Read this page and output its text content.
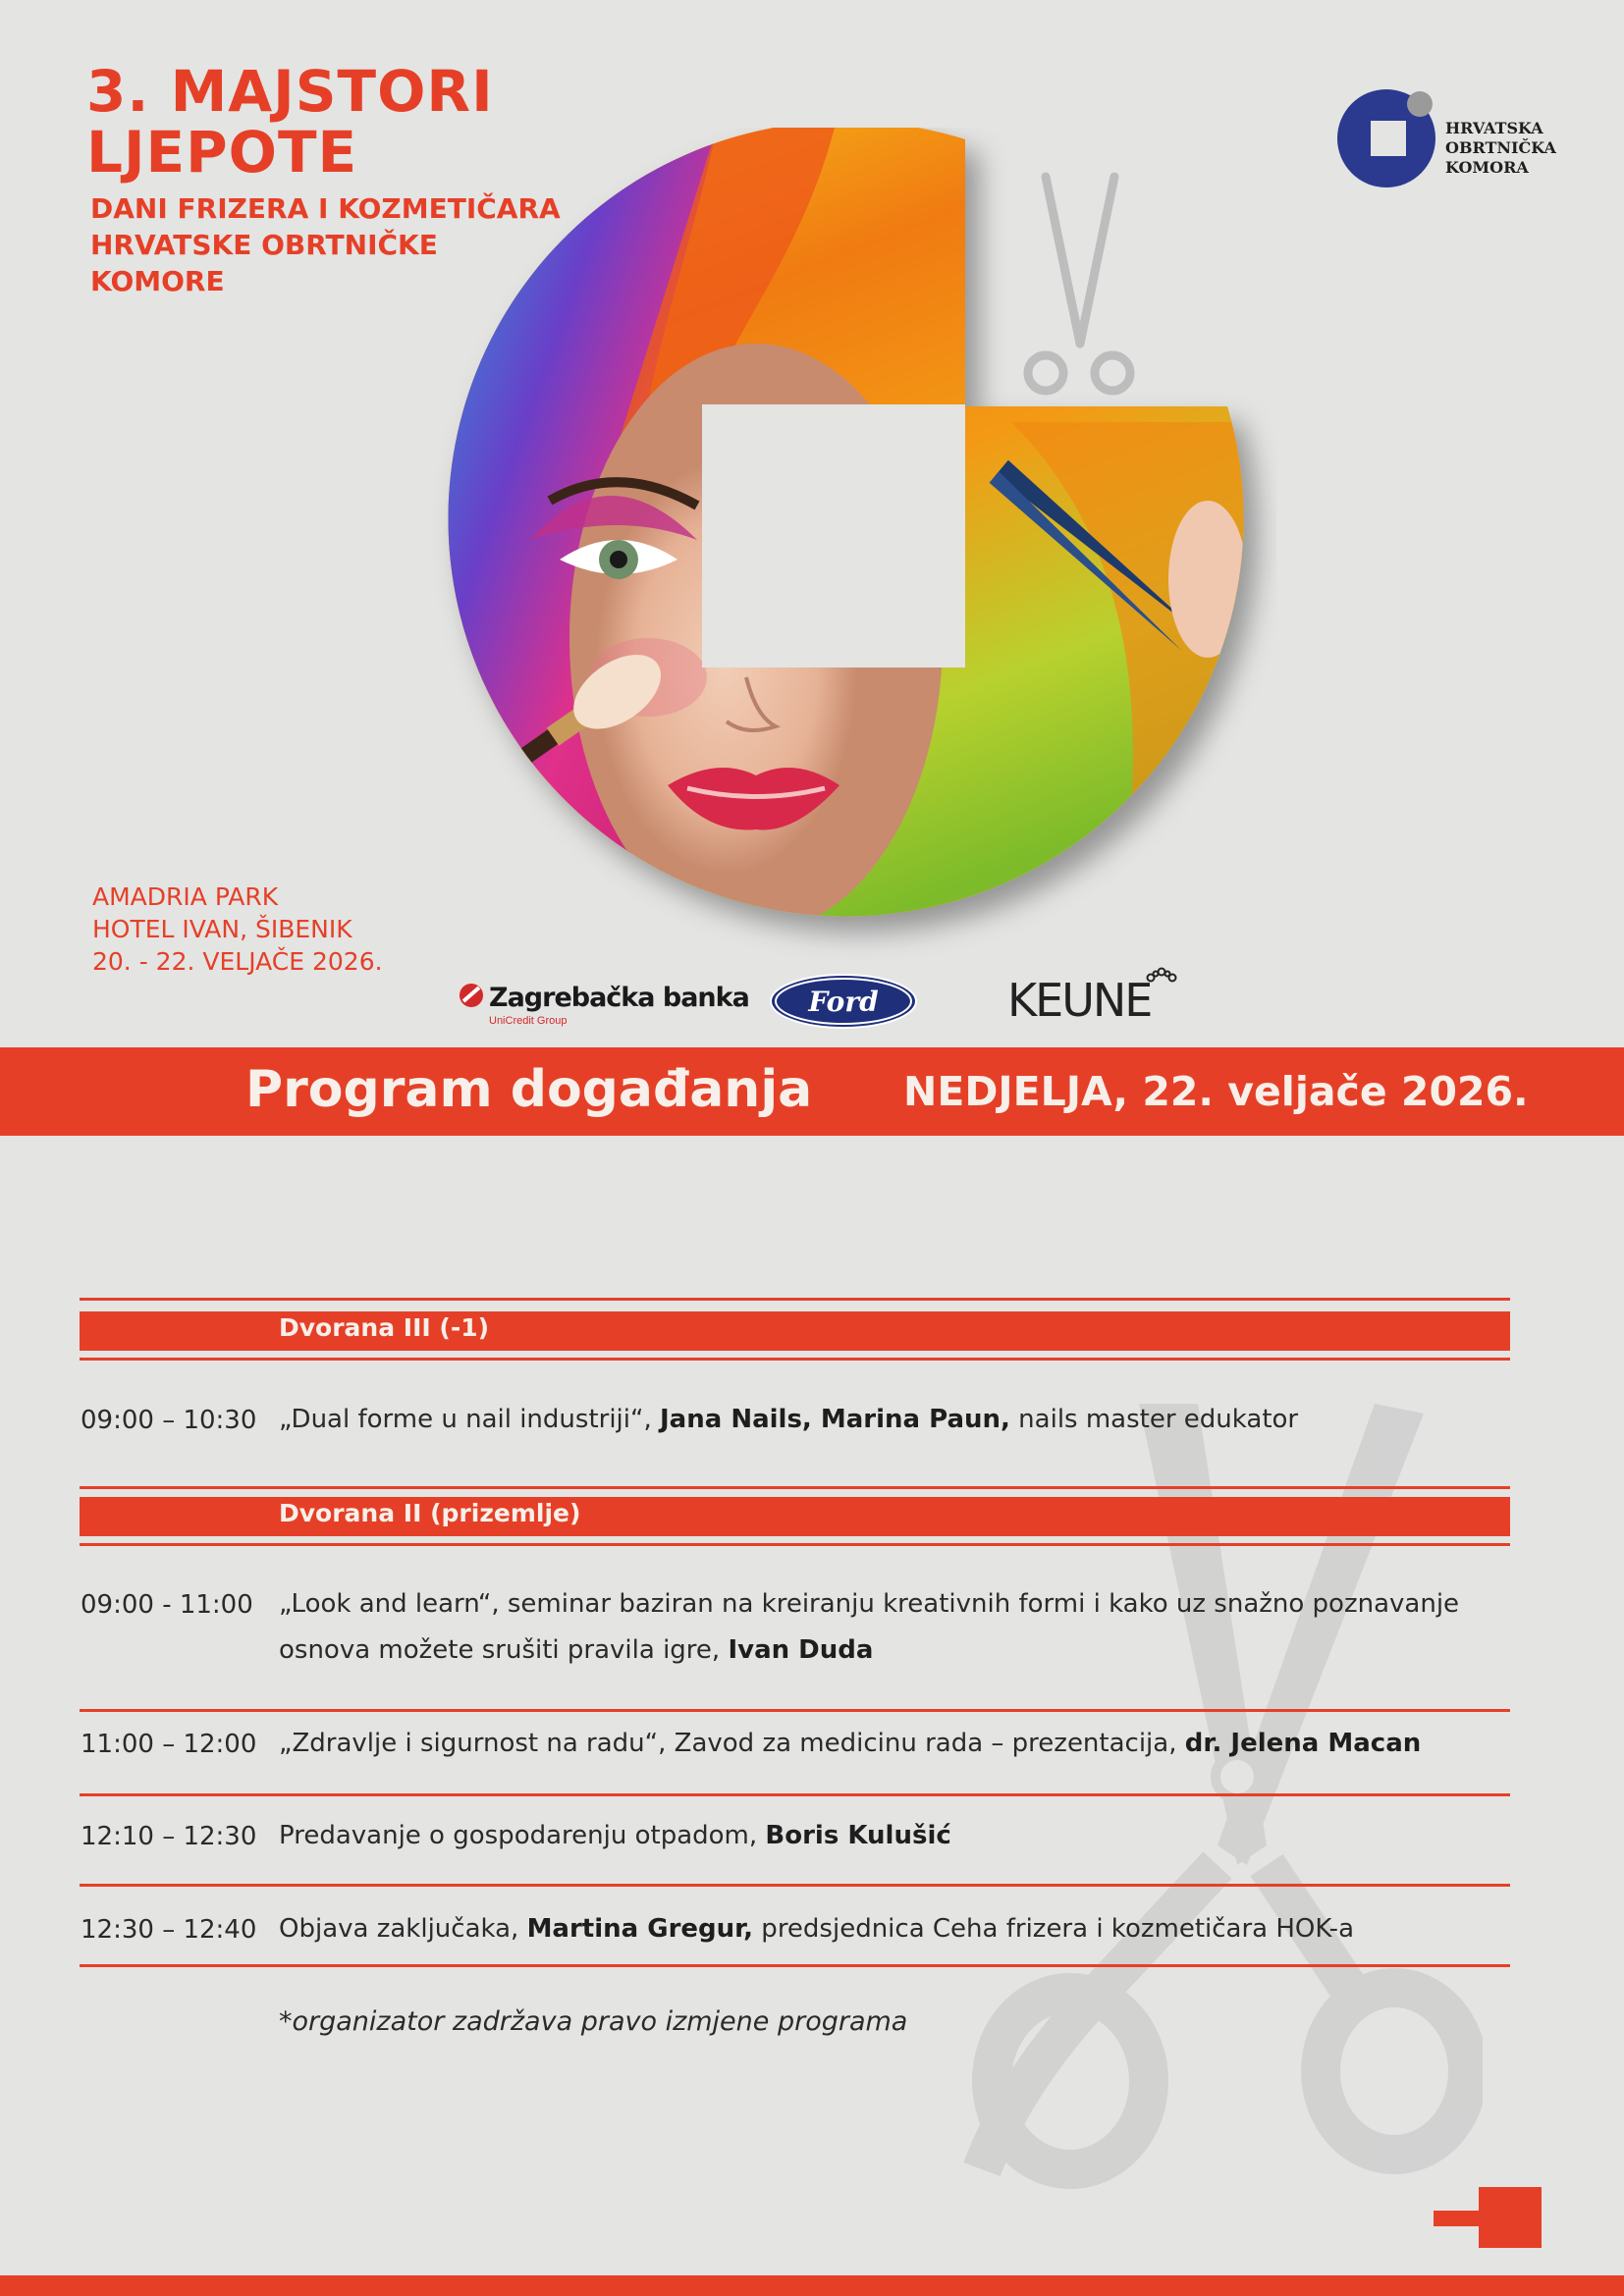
3. MAJSTORI
LJEPOTE
DANI FRIZERA I KOZMETIČARA
HRVATSKE OBRTNIČKE
KOMORE
HRVATSKA
OBRTNIČKA
KOMORA
AMADRIA PARK
HOTEL IVAN, ŠIBENIK
20. - 22. VELJAČE 2026.
Zagrebačka banka
UniCredit Group
Ford	KEUNE
Program događanja NEDJELJA, 22. veljače 2026.
Dvorana III (-1)
09:00 – 10:30 „Dual forme u nail industriji“, Jana Nails, Marina Paun, nails master edukator
Dvorana II (prizemlje)
09:00 - 11:00 „Look and learn“, seminar baziran na kreiranju kreativnih formi i kako uz snažno poznavanje osnova možete srušiti pravila igre, Ivan Duda
11:00 – 12:00 „Zdravlje i sigurnost na radu“, Zavod za medicinu rada – prezentacija, dr. Jelena Macan
12:10 – 12:30 Predavanje o gospodarenju otpadom, Boris Kulušić
12:30 – 12:40 Objava zaključaka, Martina Gregur, predsjednica Ceha frizera i kozmetičara HOK-a
*organizator zadržava pravo izmjene programa
